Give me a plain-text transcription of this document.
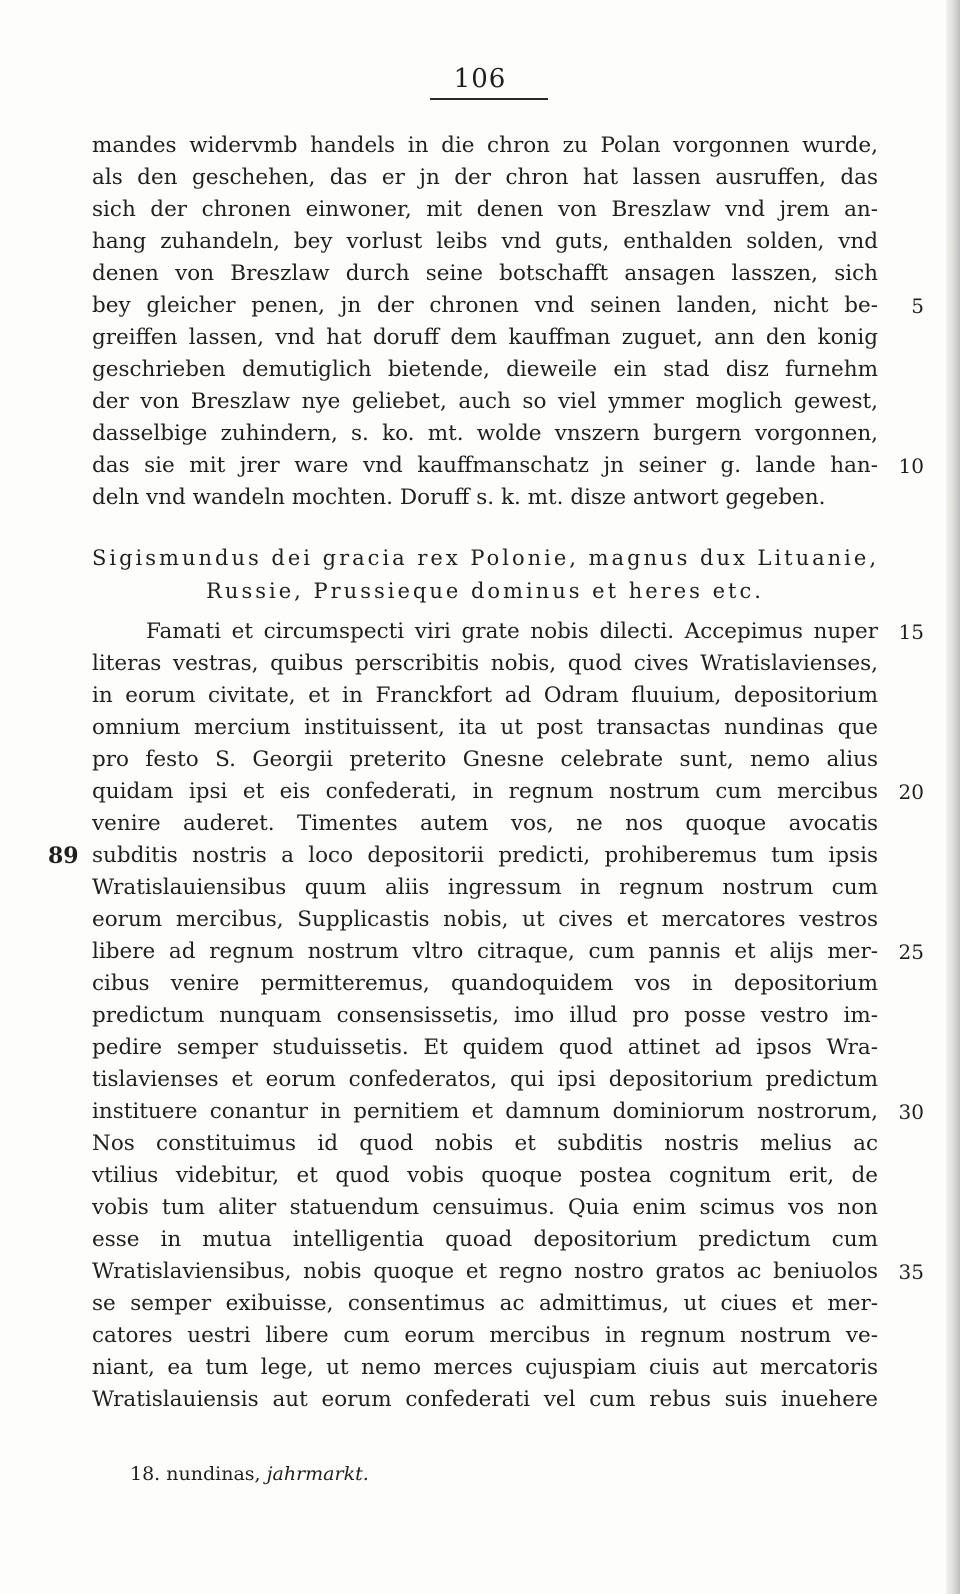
106
mandes widervmb handels in die chron zu Polan vorgonnen wurde,
als den geschehen, das er jn der chron hat lassen ausruffen, das
sich der chronen einwoner, mit denen von Breszlaw vnd jrem an-
hang zuhandeln, bey vorlust leibs vnd guts, enthalden solden, vnd
denen von Breszlaw durch seine botschafft ansagen lasszen, sich
bey gleicher penen, jn der chronen vnd seinen landen, nicht be-
greiffen lassen, vnd hat doruff dem kauffman zuguet, ann den konig
geschrieben demutiglich bietende, dieweile ein stad disz furnehm
der von Breszlaw nye geliebet, auch so viel ymmer moglich gewest,
dasselbige zuhindern, s. ko. mt. wolde vnszern burgern vorgonnen,
das sie mit jrer ware vnd kauffmanschatz jn seiner g. lande han-
deln vnd wandeln mochten. Doruff s. k. mt. disze antwort gegeben.
Sigismundus dei gracia rex Polonie, magnus dux Lituanie,
Russie, Prussieque dominus et heres etc.
Famati et circumspecti viri grate nobis dilecti. Accepimus nuper
literas vestras, quibus perscribitis nobis, quod cives Wratislavienses,
in eorum civitate, et in Franckfort ad Odram fluuium, depositorium
omnium mercium instituissent, ita ut post transactas nundinas que
pro festo S. Georgii preterito Gnesne celebrate sunt, nemo alius
quidam ipsi et eis confederati, in regnum nostrum cum mercibus
venire auderet. Timentes autem vos, ne nos quoque avocatis
subditis nostris a loco depositorii predicti, prohiberemus tum ipsis
Wratislauiensibus quum aliis ingressum in regnum nostrum cum
eorum mercibus, Supplicastis nobis, ut cives et mercatores vestros
libere ad regnum nostrum vltro citraque, cum pannis et alijs mer-
cibus venire permitteremus, quandoquidem vos in depositorium
predictum nunquam consensissetis, imo illud pro posse vestro im-
pedire semper studuissetis. Et quidem quod attinet ad ipsos Wra-
tislavienses et eorum confederatos, qui ipsi depositorium predictum
instituere conantur in pernitiem et damnum dominiorum nostrorum,
Nos constituimus id quod nobis et subditis nostris melius ac
vtilius videbitur, et quod vobis quoque postea cognitum erit, de
vobis tum aliter statuendum censuimus. Quia enim scimus vos non
esse in mutua intelligentia quoad depositorium predictum cum
Wratislaviensibus, nobis quoque et regno nostro gratos ac beniuolos
se semper exibuisse, consentimus ac admittimus, ut ciues et mer-
catores uestri libere cum eorum mercibus in regnum nostrum ve-
niant, ea tum lege, ut nemo merces cujuspiam ciuis aut mercatoris
Wratislauiensis aut eorum confederati vel cum rebus suis inuehere
5
10
15
20
25
30
35
89
18. nundinas, jahrmarkt.
